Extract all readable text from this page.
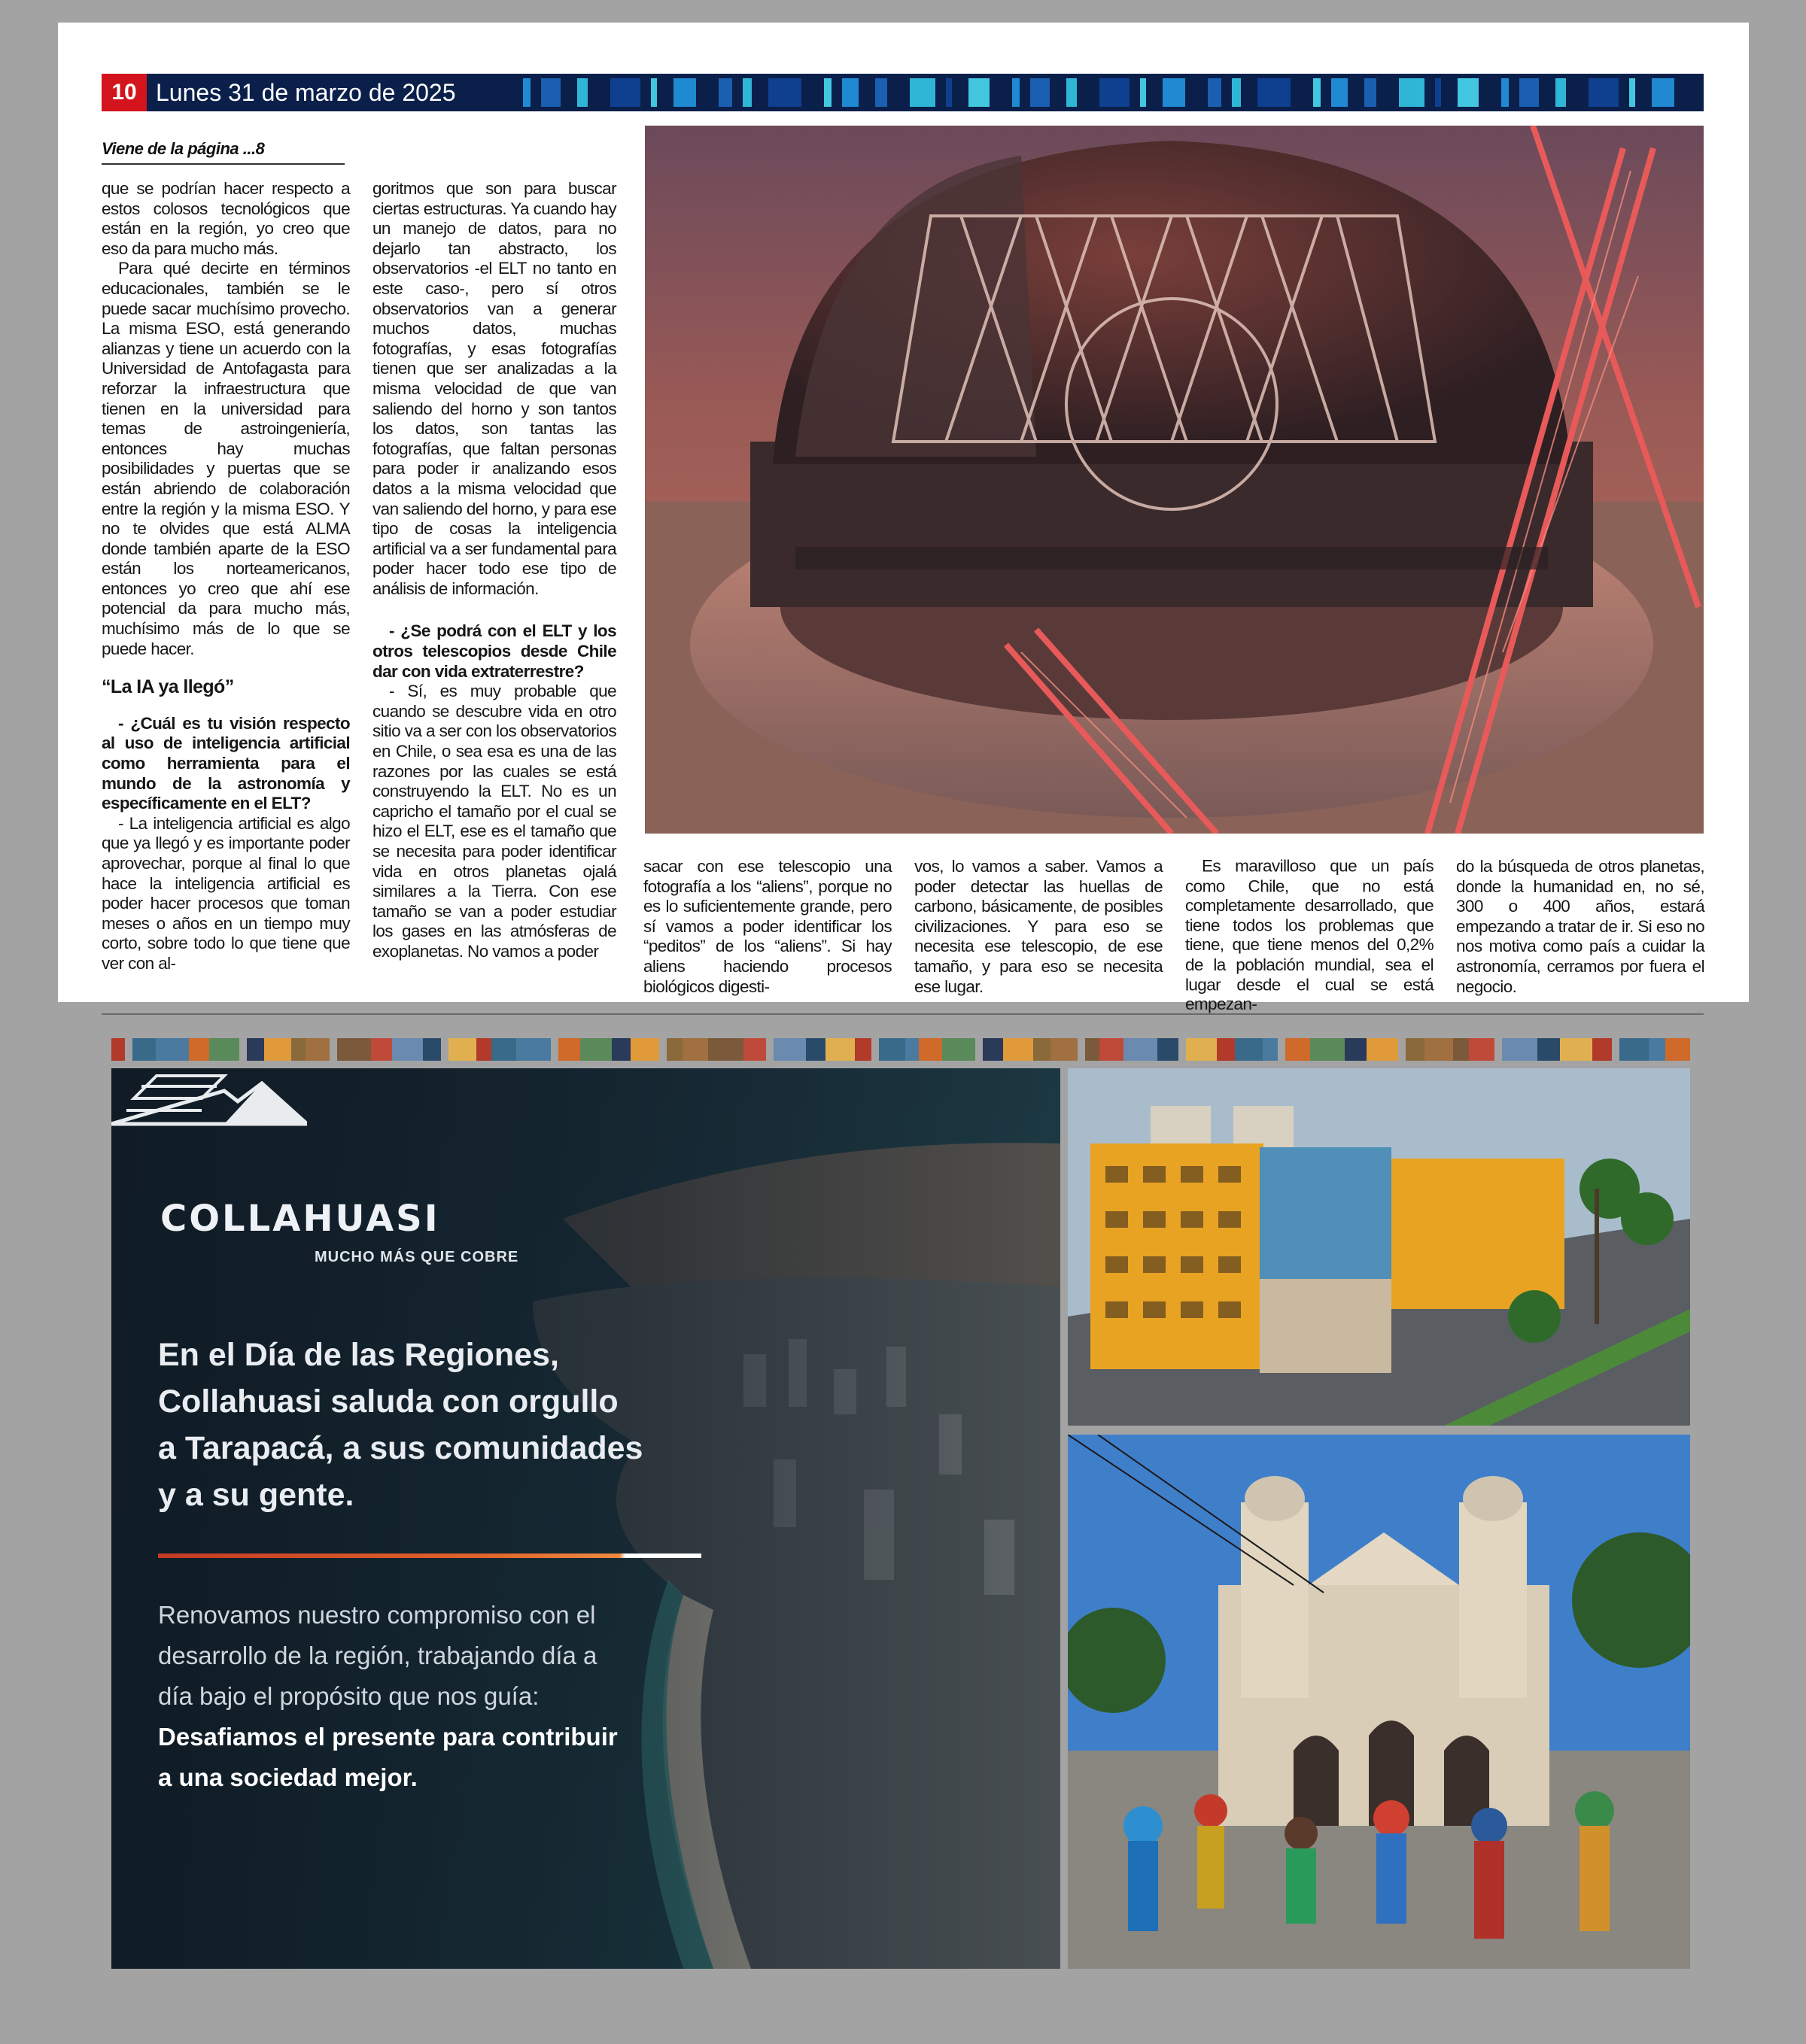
10 Lunes 31 de marzo de 2025
Viene de la página ...8

que se podrían hacer respecto a estos colosos tecnológicos que están en la región, yo creo que eso da para mucho más.

Para qué decirte en términos educacionales, también se le puede sacar muchísimo provecho. La misma ESO, está generando alianzas y tiene un acuerdo con la Universidad de Antofagasta para reforzar la infraestructura que tienen en la universidad para temas de astroingeniería, entonces hay muchas posibilidades y puertas que se están abriendo de colaboración entre la región y la misma ESO. Y no te olvides que está ALMA donde también aparte de la ESO están los norteamericanos, entonces yo creo que ahí ese potencial da para mucho más, muchísimo más de lo que se puede hacer.

“La IA ya llegó”

- ¿Cuál es tu visión respecto al uso de inteligencia artificial como herramienta para el mundo de la astronomía y específicamente en el ELT?

- La inteligencia artificial es algo que ya llegó y es importante poder aprovechar, porque al final lo que hace la inteligencia artificial es poder hacer procesos que toman meses o años en un tiempo muy corto, sobre todo lo que tiene que ver con al-

goritmos que son para buscar ciertas estructuras. Ya cuando hay un manejo de datos, para no dejarlo tan abstracto, los observatorios -el ELT no tanto en este caso-, pero sí otros observatorios van a generar muchos datos, muchas fotografías, y esas fotografías tienen que ser analizadas a la misma velocidad de que van saliendo del horno y son tantos los datos, son tantas las fotografías, que faltan personas para poder ir analizando esos datos a la misma velocidad que van saliendo del horno, y para ese tipo de cosas la inteligencia artificial va a ser fundamental para poder hacer todo ese tipo de análisis de información.

- ¿Se podrá con el ELT y los otros telescopios desde Chile dar con vida extraterrestre?

- Sí, es muy probable que cuando se descubre vida en otro sitio va a ser con los observatorios en Chile, o sea esa es una de las razones por las cuales se está construyendo la ELT. No es un capricho el tamaño por el cual se hizo el ELT, ese es el tamaño que se necesita para poder identificar vida en otros planetas ojalá similares a la Tierra. Con ese tamaño se van a poder estudiar los gases en las atmósferas de exoplanetas. No vamos a poder

sacar con ese telescopio una fotografía a los “aliens”, porque no es lo suficientemente grande, pero sí vamos a poder identificar los “peditos” de los “aliens”. Si hay aliens haciendo procesos biológicos digesti-

vos, lo vamos a saber. Vamos a poder detectar las huellas de carbono, básicamente, de posibles civilizaciones. Y para eso se necesita ese telescopio, de ese tamaño, y para eso se necesita ese lugar.

Es maravilloso que un país como Chile, que no está completamente desarrollado, que tiene todos los problemas que tiene, que tiene menos del 0,2% de la población mundial, sea el lugar desde el cual se está empezan-

do la búsqueda de otros planetas, donde la humanidad en, no sé, 300 o 400 años, estará empezando a tratar de ir. Si eso no nos motiva como país a cuidar la astronomía, cerramos por fuera el negocio.

COLLAHUASI
MUCHO MÁS QUE COBRE
En el Día de las Regiones,
Collahuasi saluda con orgullo
a Tarapacá, a sus comunidades
y a su gente.
Renovamos nuestro compromiso con el
desarrollo de la región, trabajando día a
día bajo el propósito que nos guía:
Desafiamos el presente para contribuir
a una sociedad mejor.
